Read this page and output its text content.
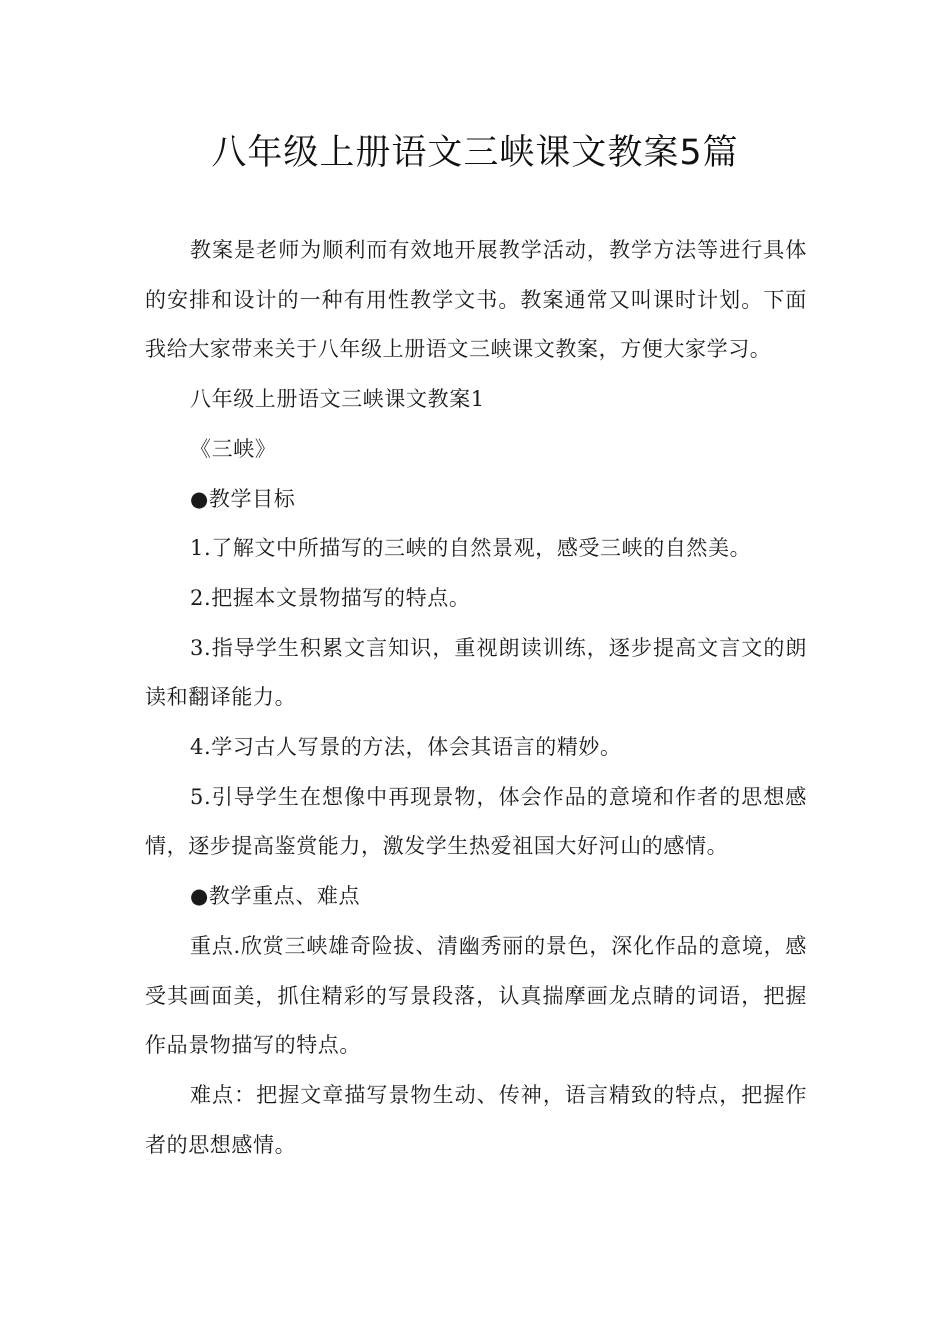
八年级上册语文三峡课文教案5篇

教案是老师为顺利而有效地开展教学活动，教学方法等进行具体的安排和设计的一种有用性教学文书。教案通常又叫课时计划。下面我给大家带来关于八年级上册语文三峡课文教案，方便大家学习。

八年级上册语文三峡课文教案1

《三峡》

●教学目标

1.了解文中所描写的三峡的自然景观，感受三峡的自然美。

2.把握本文景物描写的特点。

3.指导学生积累文言知识，重视朗读训练，逐步提高文言文的朗读和翻译能力。

4.学习古人写景的方法，体会其语言的精妙。

5.引导学生在想像中再现景物，体会作品的意境和作者的思想感情，逐步提高鉴赏能力，激发学生热爱祖国大好河山的感情。

●教学重点、难点

重点.欣赏三峡雄奇险拔、清幽秀丽的景色，深化作品的意境，感受其画面美，抓住精彩的写景段落，认真揣摩画龙点睛的词语，把握作品景物描写的特点。

难点：把握文章描写景物生动、传神，语言精致的特点，把握作者的思想感情。
